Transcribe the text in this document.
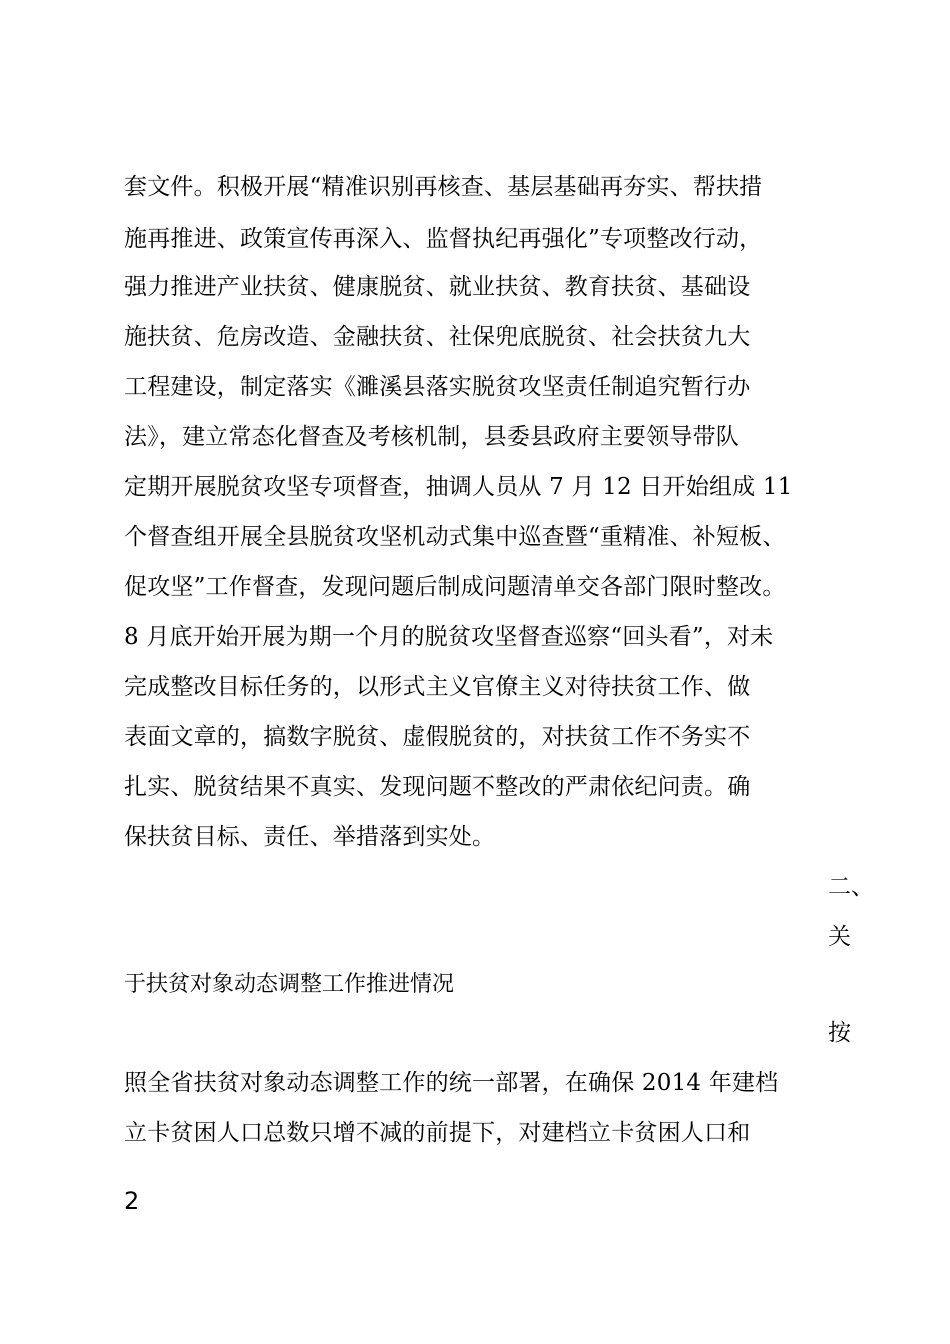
套文件。积极开展“精准识别再核查、基层基础再夯实、帮扶措
施再推进、政策宣传再深入、监督执纪再强化”专项整改行动，
强力推进产业扶贫、健康脱贫、就业扶贫、教育扶贫、基础设
施扶贫、危房改造、金融扶贫、社保兜底脱贫、社会扶贫九大
工程建设，制定落实《濉溪县落实脱贫攻坚责任制追究暂行办
法》，建立常态化督查及考核机制，县委县政府主要领导带队
定期开展脱贫攻坚专项督查，抽调人员从 7 月 12 日开始组成 11
个督查组开展全县脱贫攻坚机动式集中巡查暨“重精准、补短板、
促攻坚”工作督查，发现问题后制成问题清单交各部门限时整改。
8 月底开始开展为期一个月的脱贫攻坚督查巡察“回头看”，对未
完成整改目标任务的，以形式主义官僚主义对待扶贫工作、做
表面文章的，搞数字脱贫、虚假脱贫的，对扶贫工作不务实不
扎实、脱贫结果不真实、发现问题不整改的严肃依纪问责。确
保扶贫目标、责任、举措落到实处。
二、
关
于扶贫对象动态调整工作推进情况
按
照全省扶贫对象动态调整工作的统一部署，在确保 2014 年建档
立卡贫困人口总数只增不减的前提下，对建档立卡贫困人口和
2
